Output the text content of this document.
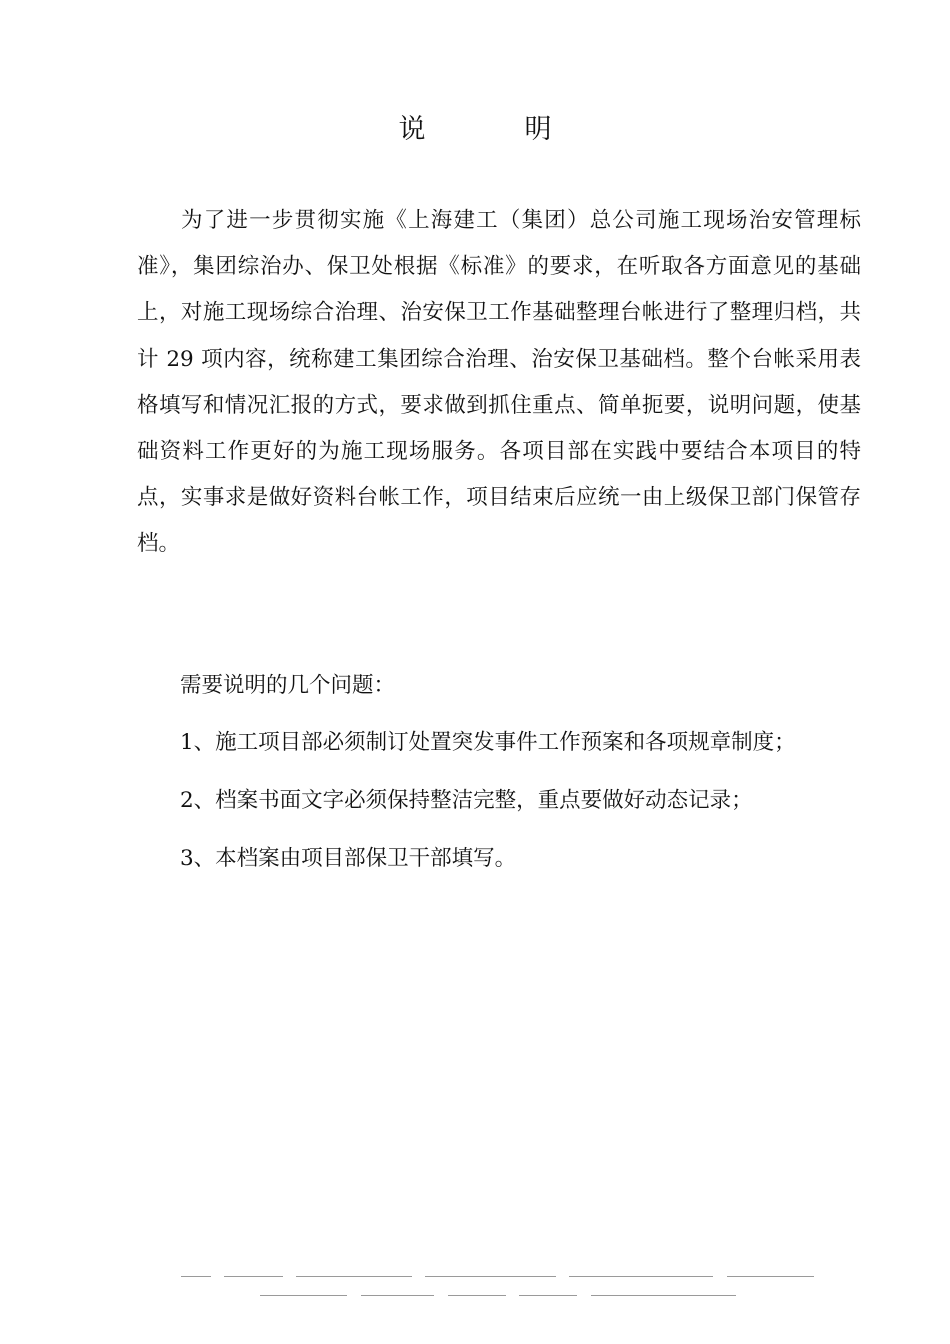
说　明

为了进一步贯彻实施《上海建工（集团）总公司施工现场治安管理标准》，集团综治办、保卫处根据《标准》的要求，在听取各方面意见的基础上，对施工现场综合治理、治安保卫工作基础整理台帐进行了整理归档，共计 29 项内容，统称建工集团综合治理、治安保卫基础档。整个台帐采用表格填写和情况汇报的方式，要求做到抓住重点、简单扼要，说明问题，使基础资料工作更好的为施工现场服务。各项目部在实践中要结合本项目的特点，实事求是做好资料台帐工作，项目结束后应统一由上级保卫部门保管存档。

需要说明的几个问题：

1、施工项目部必须制订处置突发事件工作预案和各项规章制度；

2、档案书面文字必须保持整洁完整，重点要做好动态记录；

3、本档案由项目部保卫干部填写。
